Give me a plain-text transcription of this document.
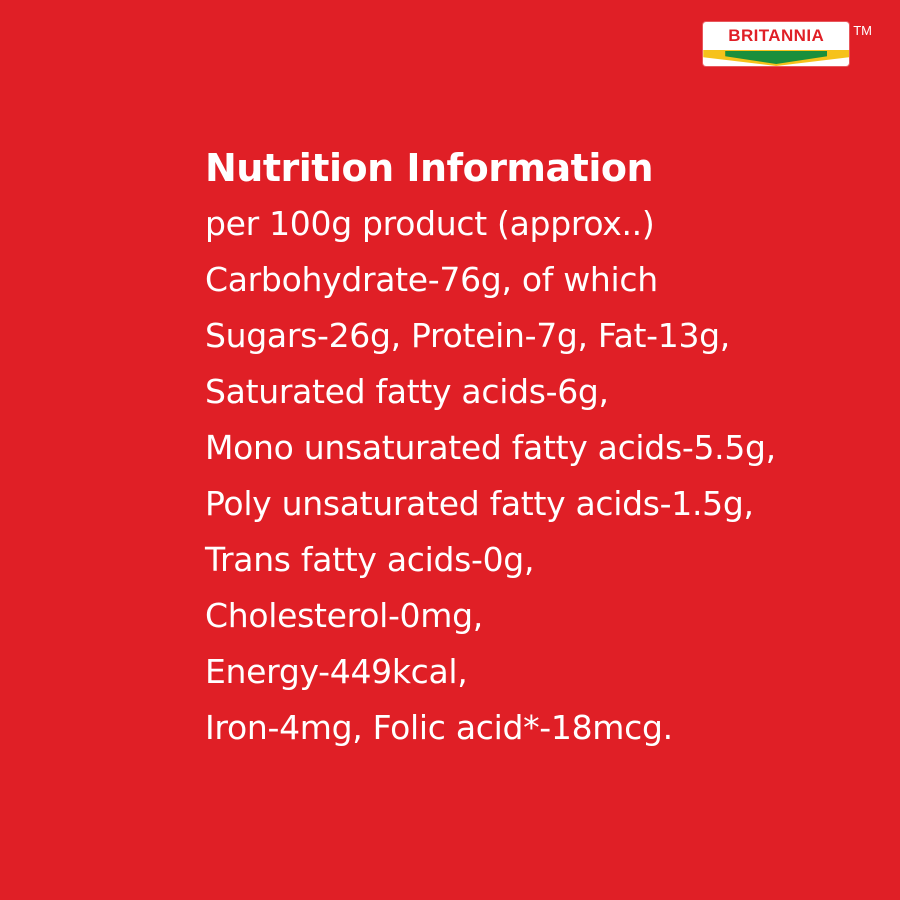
BRITANNIA TM
Nutrition Information
per 100g product (approx..)
Carbohydrate-76g, of which
Sugars-26g, Protein-7g, Fat-13g,
Saturated fatty acids-6g,
Mono unsaturated fatty acids-5.5g,
Poly unsaturated fatty acids-1.5g,
Trans fatty acids-0g,
Cholesterol-0mg,
Energy-449kcal,
Iron-4mg, Folic acid*-18mcg.
